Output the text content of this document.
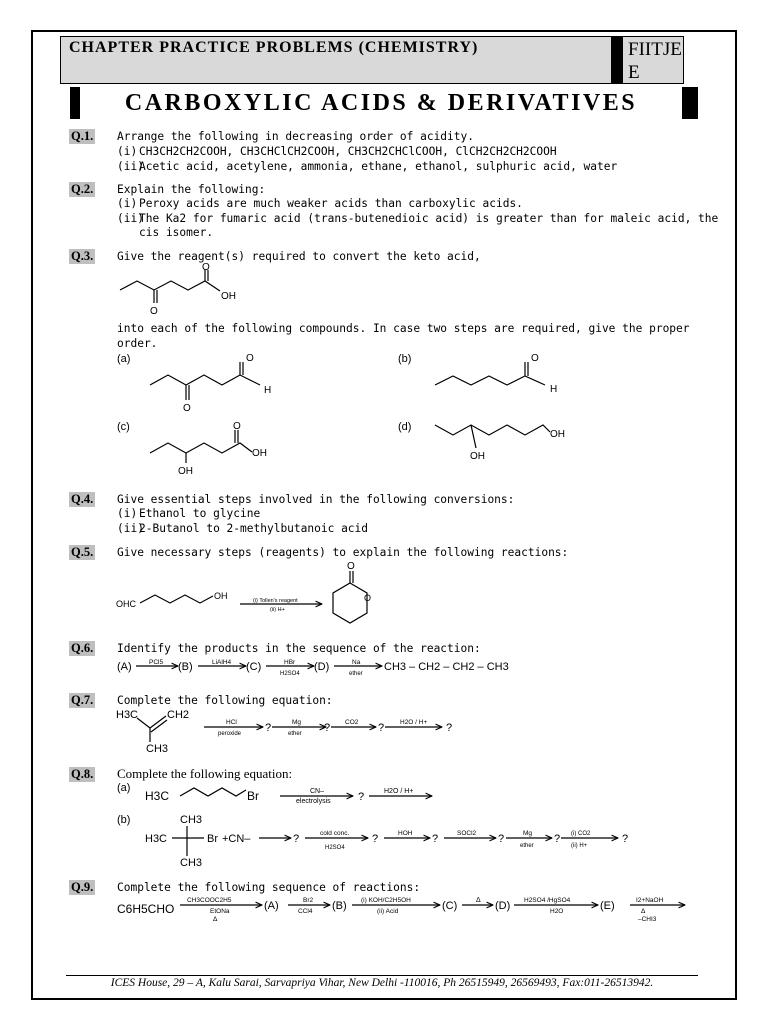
CHAPTER PRACTICE PROBLEMS (CHEMISTRY)	FIITJE
E
CARBOXYLIC ACIDS & DERIVATIVES
Q.1. Arrange the following in decreasing order of acidity.
(i) CH3CH2CH2COOH, CH3CHClCH2COOH, CH3CH2CHClCOOH, ClCH2CH2CH2COOH
(ii)
Acetic acid, acetylene, ammonia, ethane, ethanol, sulphuric acid, water
Q.2. Explain the following:
(i) Peroxy acids are much weaker acids than carboxylic acids.
(ii)
The Ka2 for fumaric acid (trans-butenedioic acid) is greater than for maleic acid, the
cis isomer.
Q.3. Give the reagent(s) required to convert the keto acid,
into each of the following compounds. In case two steps are required, give the proper
order.
Q.4. Give essential steps involved in the following conversions:
(i) Ethanol to glycine
(ii)
2-Butanol to 2-methylbutanoic acid
Q.5. Give necessary steps (reagents) to explain the following reactions:
Q.6. Identify the products in the sequence of the reaction:
Q.7. Complete the following equation:
Q.8. Complete the following equation:
Q.9. Complete the following sequence of reactions:
O
OH
O
(a)	(b)
(c)	(d)
O
H
O
O
H
O
OH
OH
OH
OH
OHC
OH	(i) Tollen's reagent
(ii) H+
O
O
(A)	(B)	(C)	(D)
PCl5	LiAlH4	HBr
H2SO4
Na
ether
CH3 – CH2 – CH2 – CH3
H3C	CH2
CH3
HCl
peroxide
Mg
ether
CO2	H2O / H+
?	?	?	?
(a)
H3C	Br	CN–
electrolysis ?	H2O / H+
(b)	CH3
H3C	Br +CN–
CH3
?	cold conc.
H2SO4
?	HOH ?	SOCl2 ?	Mg
ether
? (i) CO2
(ii) H+
?
C6H5CHO
CH3COOC2H5
EtONa
Δ
(A)	Br2
CCl4 (B) (i) KOH/C2H5OH
(ii) Acid	(C)	Δ (D) H2SO4 /HgSO4
H2O	(E)	I2+NaOH
Δ
–CHI3
ICES House, 29 – A, Kalu Sarai, Sarvapriya Vihar, New Delhi -110016, Ph 26515949, 26569493, Fax:011-26513942.
